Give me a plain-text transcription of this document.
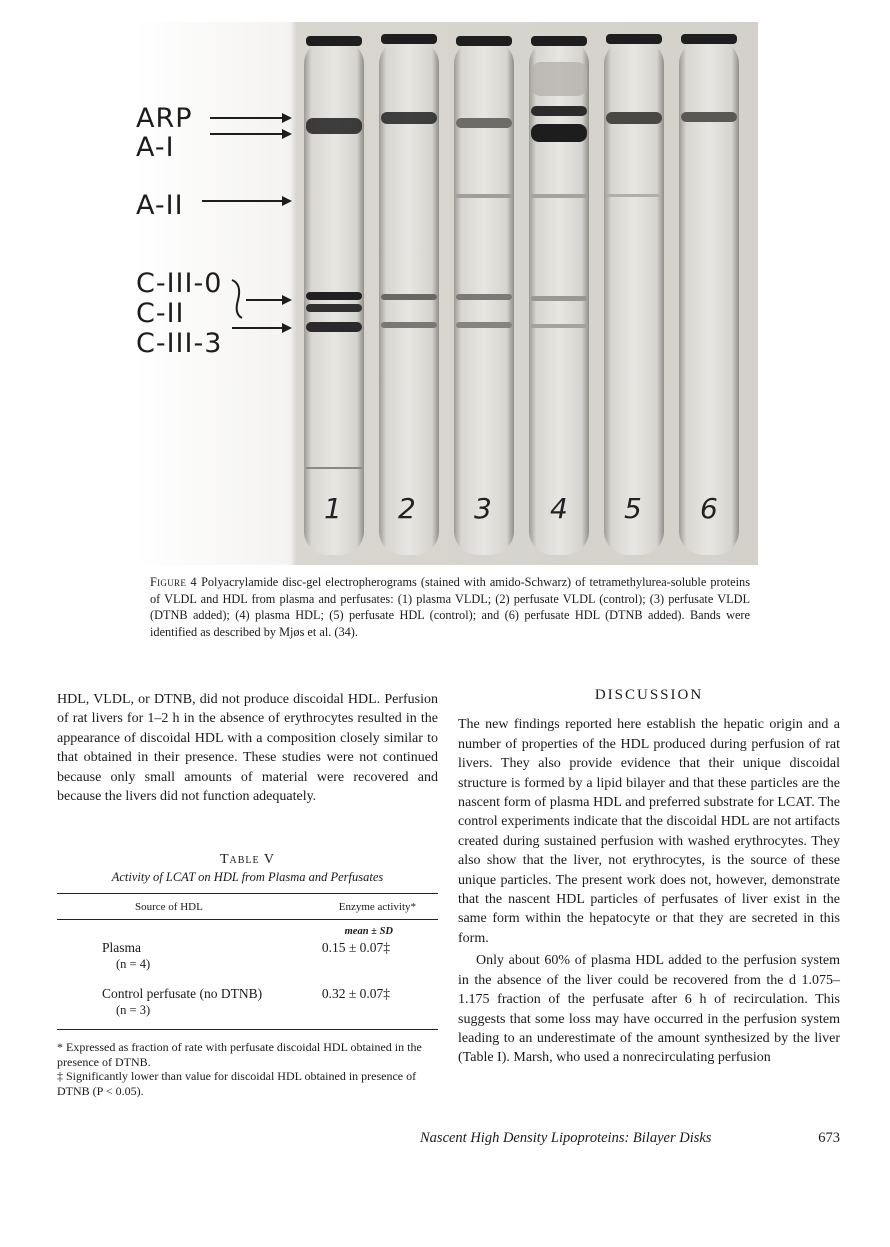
ARP
A-I
A-II
C-III-0
C-II
C-III-3
1 2 3 4 5 6
Figure 4 Polyacrylamide disc-gel electropherograms (stained with amido-Schwarz) of tetramethylurea-soluble proteins of VLDL and HDL from plasma and perfusates: (1) plasma VLDL; (2) perfusate VLDL (control); (3) perfusate VLDL (DTNB added); (4) plasma HDL; (5) perfusate HDL (control); and (6) perfusate HDL (DTNB added). Bands were identified as described by Mjøs et al. (34).

HDL, VLDL, or DTNB, did not produce discoidal HDL. Perfusion of rat livers for 1–2 h in the absence of erythrocytes resulted in the appearance of discoidal HDL with a composition closely similar to that obtained in their presence. These studies were not continued because only small amounts of material were recovered and because the livers did not function adequately.

Table V
Activity of LCAT on HDL from Plasma and Perfusates
Source of HDL	Enzyme activity*
mean ± SD
Plasma
(n = 4)
0.15 ± 0.07‡
Control perfusate (no DTNB)
(n = 3)
0.32 ± 0.07‡
* Expressed as fraction of rate with perfusate discoidal HDL obtained in the presence of DTNB.
‡ Significantly lower than value for discoidal HDL obtained in presence of DTNB (P < 0.05).
DISCUSSION

The new findings reported here establish the hepatic origin and a number of properties of the HDL produced during perfusion of rat livers. They also provide evidence that their unique discoidal structure is formed by a lipid bilayer and that these particles are the nascent form of plasma HDL and preferred substrate for LCAT. The control experiments indicate that the discoidal HDL are not artifacts created during sustained perfusion with washed erythrocytes. They also show that the liver, not erythrocytes, is the source of these unique particles. The present work does not, however, demonstrate that the nascent HDL particles of perfusates of liver exist in the same form within the hepatocyte or that they are secreted in this form.

Only about 60% of plasma HDL added to the perfusion system in the absence of the liver could be recovered from the d 1.075–1.175 fraction of the perfusate after 6 h of recirculation. This suggests that some loss may have occurred in the perfusion system leading to an underestimate of the amount synthesized by the liver (Table I). Marsh, who used a nonrecirculating perfusion

Nascent High Density Lipoproteins: Bilayer Disks	673
